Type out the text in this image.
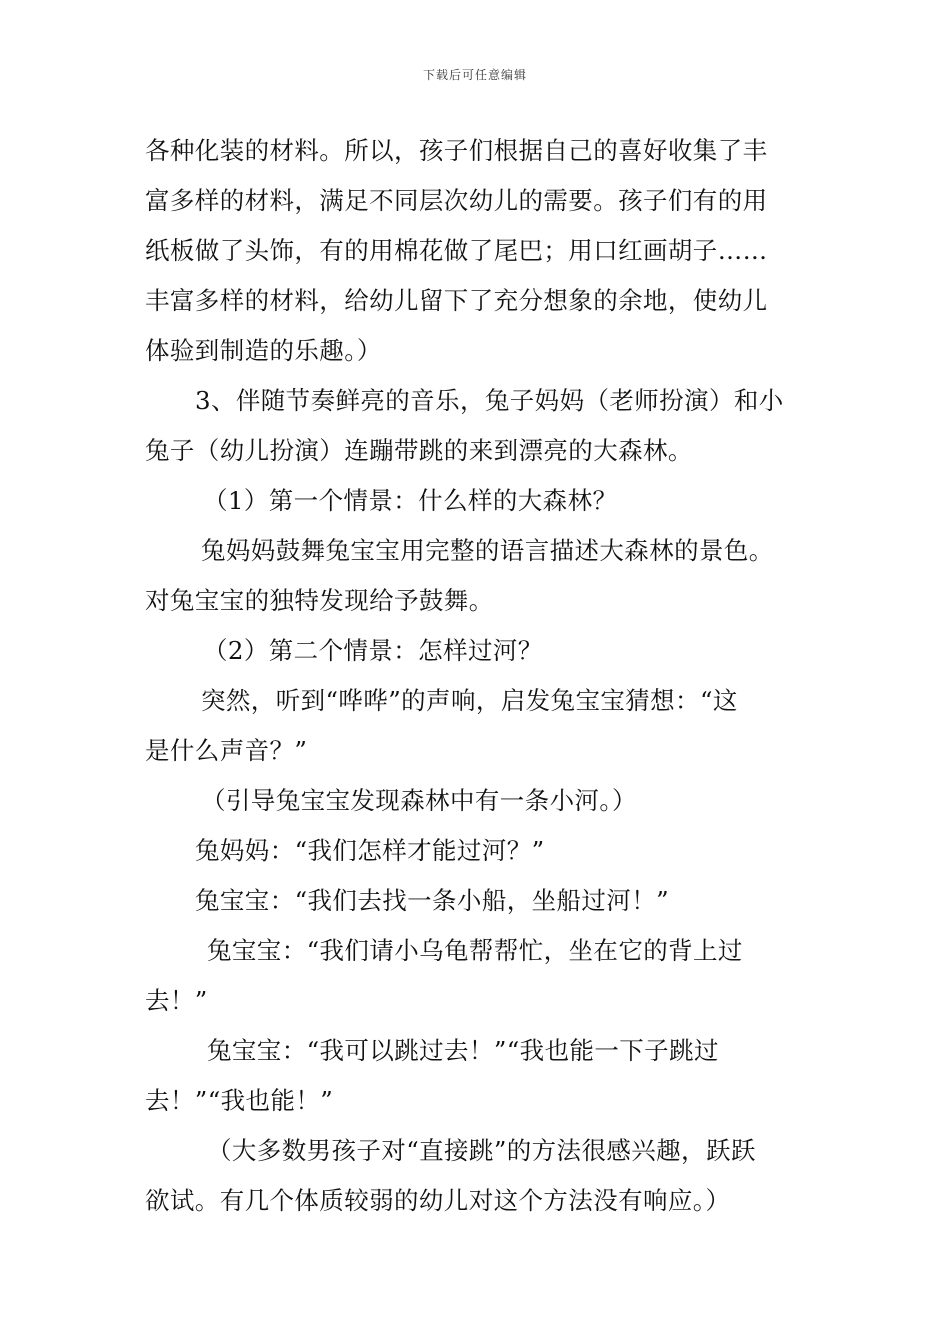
下载后可任意编辑
各种化装的材料。所以，孩子们根据自己的喜好收集了丰
富多样的材料，满足不同层次幼儿的需要。孩子们有的用
纸板做了头饰，有的用棉花做了尾巴；用口红画胡子……
丰富多样的材料，给幼儿留下了充分想象的余地，使幼儿
体验到制造的乐趣。）
3、伴随节奏鲜亮的音乐，兔子妈妈（老师扮演）和小
兔子（幼儿扮演）连蹦带跳的来到漂亮的大森林。
（1）第一个情景：什么样的大森林？
兔妈妈鼓舞兔宝宝用完整的语言描述大森林的景色。
对兔宝宝的独特发现给予鼓舞。
（2）第二个情景：怎样过河？
突然，听到“哗哗”的声响，启发兔宝宝猜想：“这
是什么声音？”
（引导兔宝宝发现森林中有一条小河。）
兔妈妈：“我们怎样才能过河？”
兔宝宝：“我们去找一条小船，坐船过河！”
兔宝宝：“我们请小乌龟帮帮忙，坐在它的背上过
去！”
兔宝宝：“我可以跳过去！”“我也能一下子跳过
去！”“我也能！”
（大多数男孩子对“直接跳”的方法很感兴趣，跃跃
欲试。有几个体质较弱的幼儿对这个方法没有响应。）
